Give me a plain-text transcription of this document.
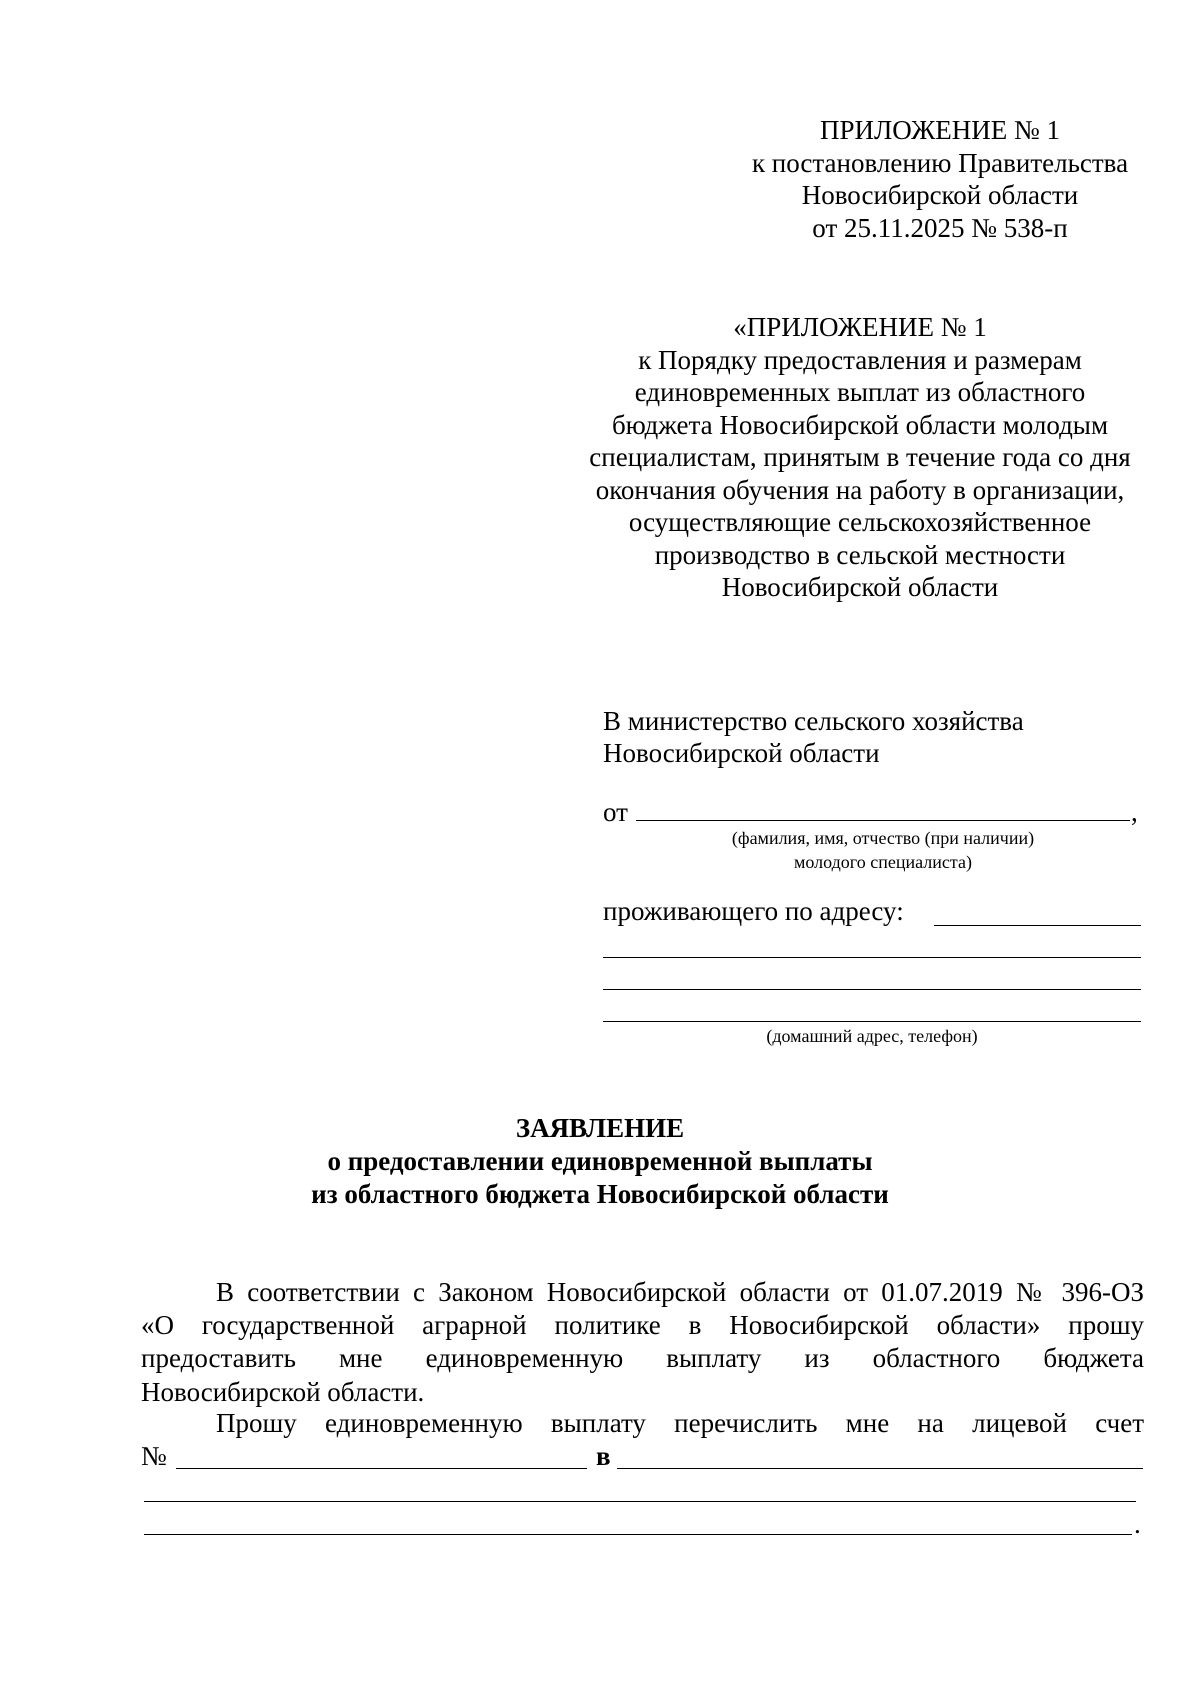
ПРИЛОЖЕНИЕ № 1
к постановлению Правительства
Новосибирской области
от 25.11.2025 № 538-п
«ПРИЛОЖЕНИЕ № 1
к Порядку предоставления и размерам
единовременных выплат из областного
бюджета Новосибирской области молодым
специалистам, принятым в течение года со дня
окончания обучения на работу в организации,
осуществляющие сельскохозяйственное
производство в сельской местности
Новосибирской области
В министерство сельского хозяйства
Новосибирской области
от	,
(фамилия, имя, отчество (при наличии)
молодого специалиста)
проживающего по адресу:
(домашний адрес, телефон)
ЗАЯВЛЕНИЕ
о предоставлении единовременной выплаты
из областного бюджета Новосибирской области
В соответствии с Законом Новосибирской области от 01.07.2019 № 396-ОЗ
«О государственной аграрной политике в Новосибирской области» прошу
предоставить мне единовременную выплату из областного бюджета
Новосибирской области.
Прошу единовременную выплату перечислить мне на лицевой счет
№	в
.
